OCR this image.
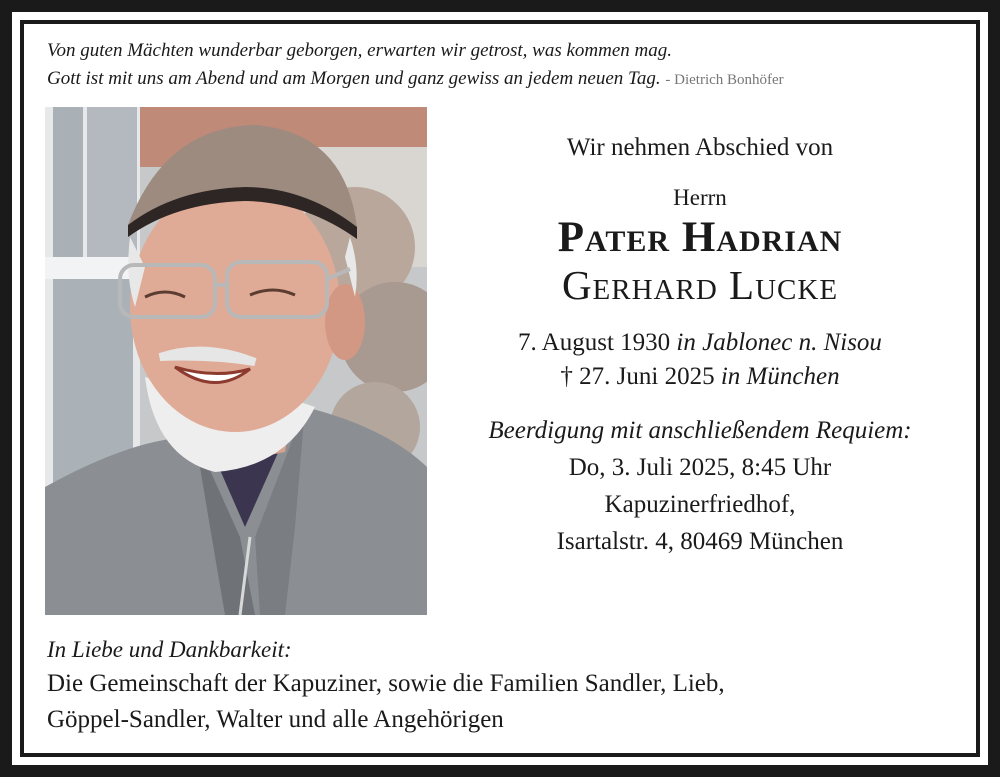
Von guten Mächten wunderbar geborgen, erwarten wir getrost, was kommen mag.
Gott ist mit uns am Abend und am Morgen und ganz gewiss an jedem neuen Tag. - Dietrich Bonhöfer
Wir nehmen Abschied von
Herrn
Pater Hadrian
Gerhard Lucke
7. August 1930 in Jablonec n. Nisou
† 27. Juni 2025 in München
Beerdigung mit anschließendem Requiem:
Do, 3. Juli 2025, 8:45 Uhr
Kapuzinerfriedhof,
Isartalstr. 4, 80469 München
In Liebe und Dankbarkeit:
Die Gemeinschaft der Kapuziner, sowie die Familien Sandler, Lieb,
Göppel-Sandler, Walter und alle Angehörigen
